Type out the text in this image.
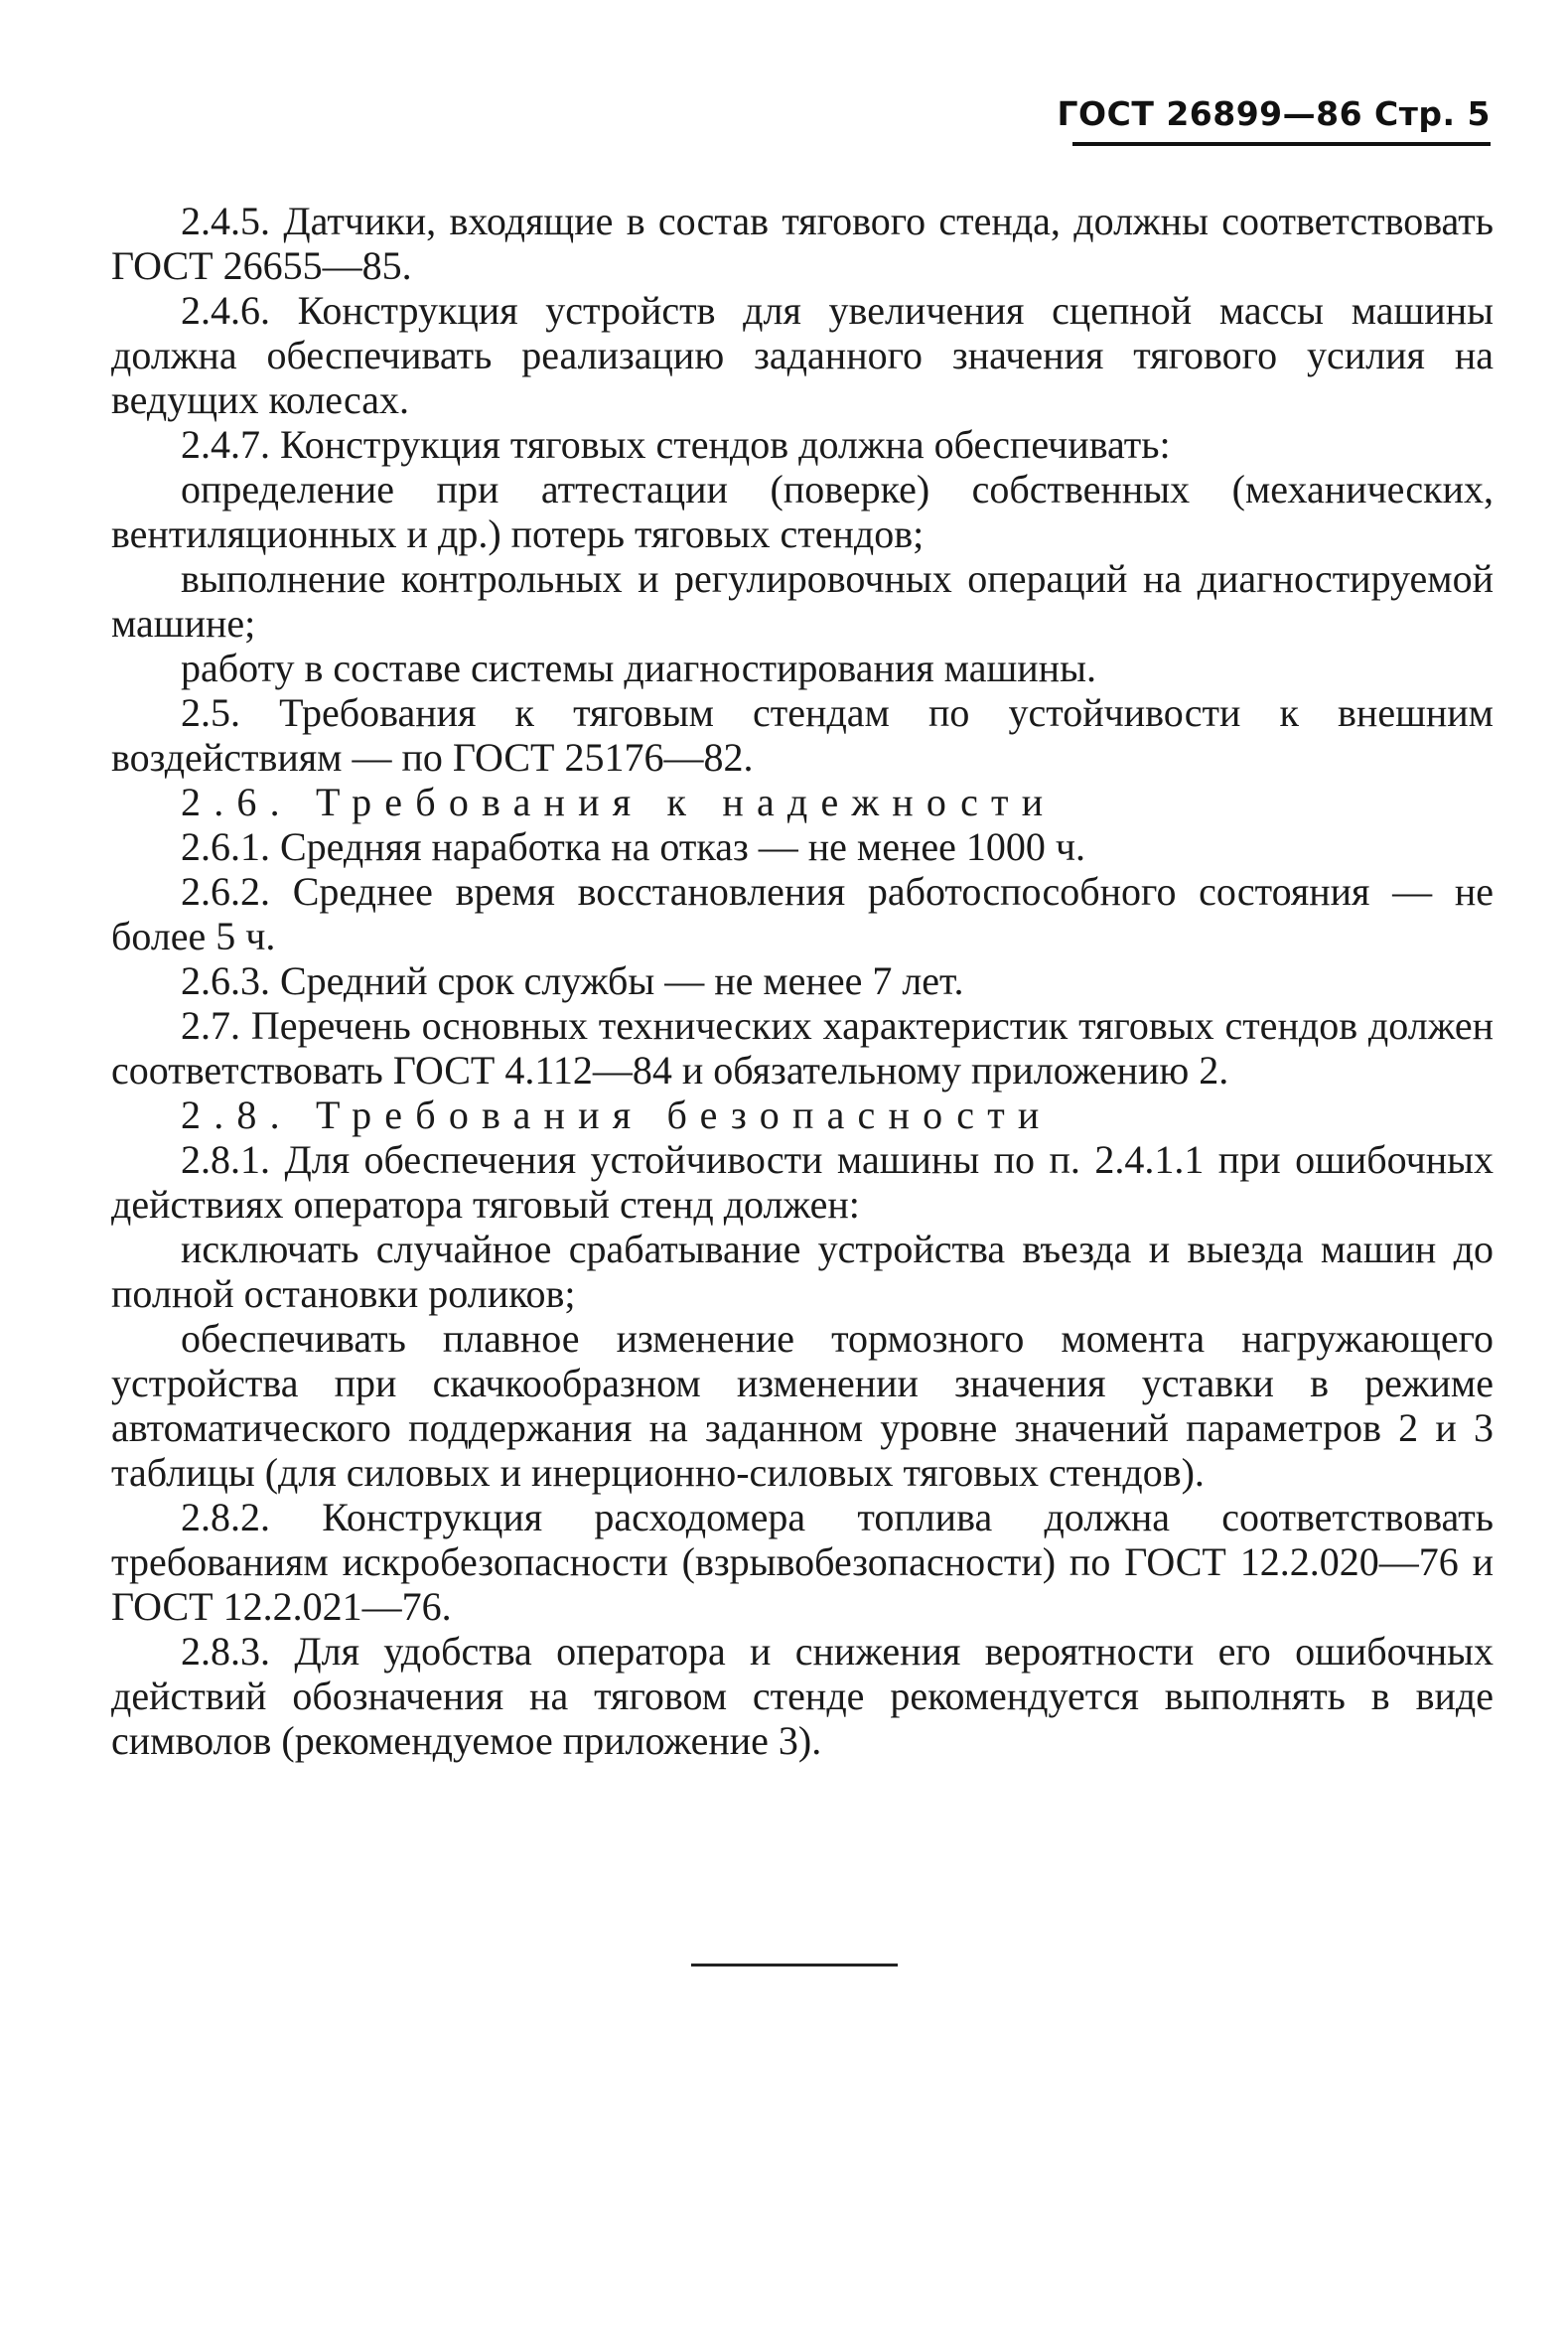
ГОСТ 26899—86 Стр. 5

2.4.5. Датчики, входящие в состав тягового стенда, должны соответствовать ГОСТ 26655—85.

2.4.6. Конструкция устройств для увеличения сцепной массы машины должна обеспечивать реализацию заданного значения тягового усилия на ведущих колесах.

2.4.7. Конструкция тяговых стендов должна обеспечивать:

определение при аттестации (поверке) собственных (механических, вентиляционных и др.) потерь тяговых стендов;

выполнение контрольных и регулировочных операций на диагностируемой машине;

работу в составе системы диагностирования машины.

2.5. Требования к тяговым стендам по устойчивости к внешним воздействиям — по ГОСТ 25176—82.

2.6. Требования к надежности

2.6.1. Средняя наработка на отказ — не менее 1000 ч.

2.6.2. Среднее время восстановления работоспособного состояния — не более 5 ч.

2.6.3. Средний срок службы — не менее 7 лет.

2.7. Перечень основных технических характеристик тяговых стендов должен соответствовать ГОСТ 4.112—84 и обязательному приложению 2.

2.8. Требования безопасности

2.8.1. Для обеспечения устойчивости машины по п. 2.4.1.1 при ошибочных действиях оператора тяговый стенд должен:

исключать случайное срабатывание устройства въезда и выезда машин до полной остановки роликов;

обеспечивать плавное изменение тормозного момента нагружающего устройства при скачкообразном изменении значения уставки в режиме автоматического поддержания на заданном уровне значений параметров 2 и 3 таблицы (для силовых и инерционно-силовых тяговых стендов).

2.8.2. Конструкция расходомера топлива должна соответствовать требованиям искробезопасности (взрывобезопасности) по ГОСТ 12.2.020—76 и ГОСТ 12.2.021—76.

2.8.3. Для удобства оператора и снижения вероятности его ошибочных действий обозначения на тяговом стенде рекомендуется выполнять в виде символов (рекомендуемое приложение 3).
